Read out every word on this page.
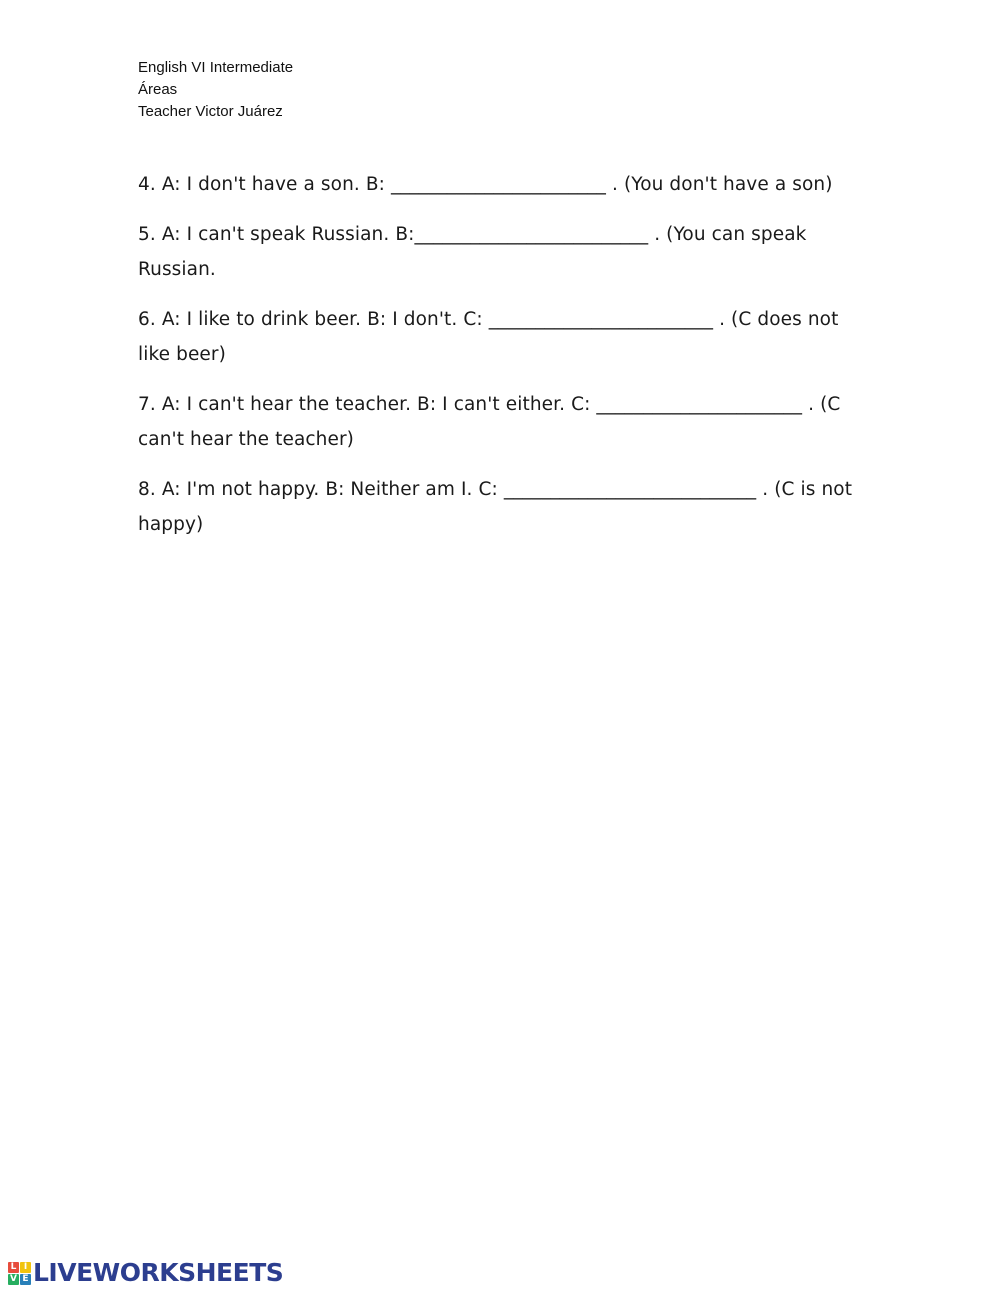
English VI Intermediate
Áreas
Teacher Victor Juárez

4. A: I don't have a son. B: _______________________ . (You don't have a son)

5. A: I can't speak Russian. B:_________________________ . (You can speak Russian.

6. A: I like to drink beer. B: I don't. C: ________________________ . (C does not like beer)

7. A: I can't hear the teacher. B: I can't either. C: ______________________ . (C can't hear the teacher)

8. A: I'm not happy. B: Neither am I. C: ___________________________ . (C is not happy)

L I
V E LIVEWORKSHEETS
